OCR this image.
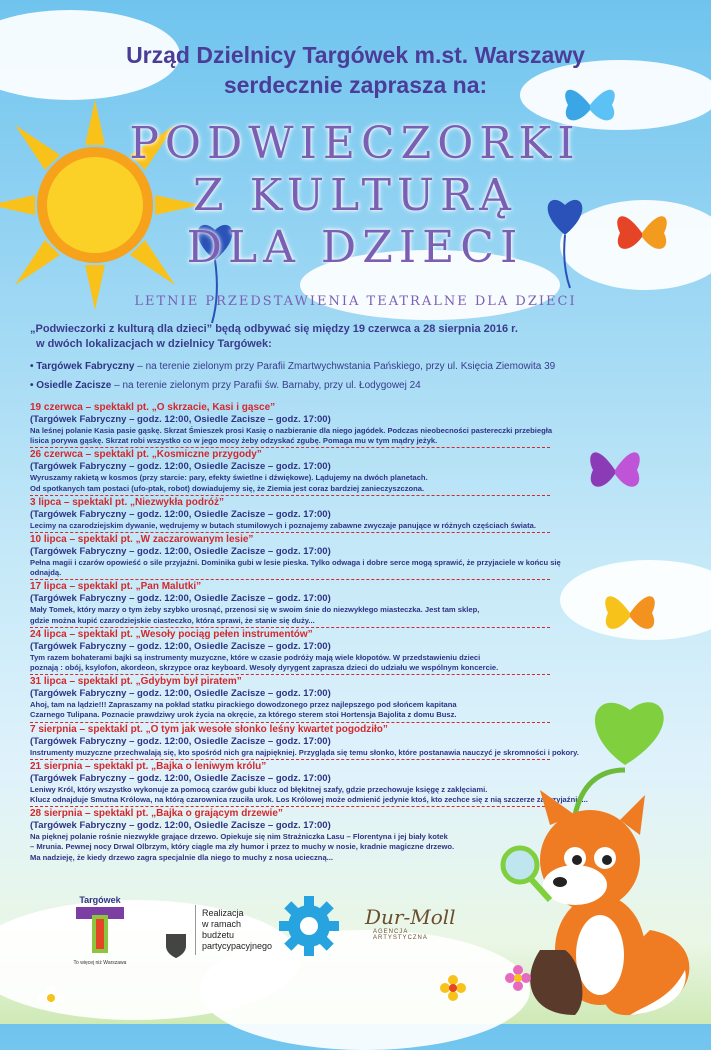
Urząd Dzielnicy Targówek m.st. Warszawy
serdecznie zaprasza na:
PODWIECZORKI
Z KULTURĄ
DLA DZIECI
LETNIE PRZEDSTAWIENIA TEATRALNE DLA DZIECI
„Podwieczorki z kulturą dla dzieci” będą odbywać się między 19 czerwca a 28 sierpnia 2016 r.
w dwóch lokalizacjach w dzielnicy Targówek:
• Targówek Fabryczny – na terenie zielonym przy Parafii Zmartwychwstania Pańskiego, przy ul. Księcia Ziemowita 39
• Osiedle Zacisze – na terenie zielonym przy Parafii św. Barnaby, przy ul. Łodygowej 24
19 czerwca – spektakl pt. „O skrzacie, Kasi i gąsce”
(Targówek Fabryczny – godz. 12:00, Osiedle Zacisze – godz. 17:00)
Na leśnej polanie Kasia pasie gąskę. Skrzat Śmieszek prosi Kasię o nazbieranie dla niego jagódek. Podczas nieobecności pastereczki przebiegła
lisica porywa gąskę. Skrzat robi wszystko co w jego mocy żeby odzyskać zgubę. Pomaga mu w tym mądry jeżyk.
26 czerwca – spektakl pt. „Kosmiczne przygody”
(Targówek Fabryczny – godz. 12:00, Osiedle Zacisze – godz. 17:00)
Wyruszamy rakietą w kosmos (przy starcie: pary, efekty świetlne i dźwiękowe). Lądujemy na dwóch planetach.
Od spotkanych tam postaci (ufo-ptak, robot) dowiadujemy się, że Ziemia jest coraz bardziej zanieczyszczona.
3 lipca – spektakl pt. „Niezwykła podróż”
(Targówek Fabryczny – godz. 12:00, Osiedle Zacisze – godz. 17:00)
Lecimy na czarodziejskim dywanie, wędrujemy w butach stumilowych i poznajemy zabawne zwyczaje panujące w różnych częściach świata.
10 lipca – spektakl pt. „W zaczarowanym lesie”
(Targówek Fabryczny – godz. 12:00, Osiedle Zacisze – godz. 17:00)
Pełna magii i czarów opowieść o sile przyjaźni. Dominika gubi w lesie pieska. Tylko odwaga i dobre serce mogą sprawić, że przyjaciele w końcu się odnajdą.
17 lipca – spektakl pt. „Pan Malutki”
(Targówek Fabryczny – godz. 12:00, Osiedle Zacisze – godz. 17:00)
Mały Tomek, który marzy o tym żeby szybko urosnąć, przenosi się w swoim śnie do niezwykłego miasteczka. Jest tam sklep,
gdzie można kupić czarodziejskie ciasteczko, która sprawi, że stanie się duży...
24 lipca – spektakl pt. „Wesoły pociąg pełen instrumentów”
(Targówek Fabryczny – godz. 12:00, Osiedle Zacisze – godz. 17:00)
Tym razem bohaterami bajki są instrumenty muzyczne, które w czasie podróży mają wiele kłopotów. W przedstawieniu dzieci
poznają : obój, ksylofon, akordeon, skrzypce oraz keyboard. Wesoły dyrygent zaprasza dzieci do udziału we wspólnym koncercie.
31 lipca – spektakl pt. „Gdybym był piratem”
(Targówek Fabryczny – godz. 12:00, Osiedle Zacisze – godz. 17:00)
Ahoj, tam na lądzie!!! Zapraszamy na pokład statku pirackiego dowodzonego przez najlepszego pod słońcem kapitana
Czarnego Tulipana. Poznacie prawdziwy urok życia na okręcie, za którego sterem stoi Hortensja Bajolita z domu Busz.
7 sierpnia – spektakl pt. „O tym jak wesołe słonko leśny kwartet pogodziło”
(Targówek Fabryczny – godz. 12:00, Osiedle Zacisze – godz. 17:00)
Instrumenty muzyczne przechwalają się, kto spośród nich gra najpiękniej. Przygląda się temu słonko, które postanawia nauczyć je skromności i pokory.
21 sierpnia – spektakl pt. „Bajka o leniwym królu”
(Targówek Fabryczny – godz. 12:00, Osiedle Zacisze – godz. 17:00)
Leniwy Król, który wszystko wykonuje za pomocą czarów gubi klucz od błękitnej szafy, gdzie przechowuje księgę z zaklęciami.
Klucz odnajduje Smutna Królowa, na którą czarownica rzuciła urok. Los Królowej może odmienić jedynie ktoś, kto zechce się z nią szczerze zaprzyjaźnić...
28 sierpnia – spektakl pt. „Bajka o grającym drzewie”
(Targówek Fabryczny – godz. 12:00, Osiedle Zacisze – godz. 17:00)
Na pięknej polanie rośnie niezwykłe grające drzewo. Opiekuje się nim Strażniczka Lasu – Florentyna i jej biały kotek
– Mrunia. Pewnej nocy Drwal Olbrzym, który ciągle ma zły humor i przez to muchy w nosie, kradnie magiczne drzewo.
Ma nadzieję, że kiedy drzewo zagra specjalnie dla niego to muchy z nosa ucieczną...
Targówek
To więcej niż Warszawa
Realizacja
w ramach
budżetu
partycypacyjnego
Dur-Moll
AGENCJA ARTYSTYCZNA
